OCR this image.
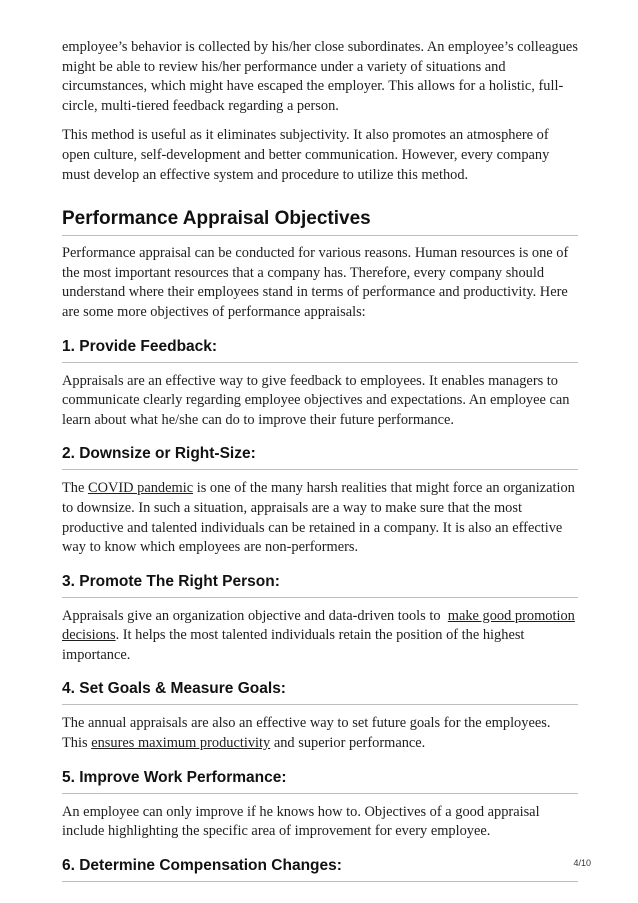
employee’s behavior is collected by his/her close subordinates. An employee’s colleagues might be able to review his/her performance under a variety of situations and circumstances, which might have escaped the employer. This allows for a holistic, full-circle, multi-tiered feedback regarding a person.

This method is useful as it eliminates subjectivity. It also promotes an atmosphere of open culture, self-development and better communication. However, every company must develop an effective system and procedure to utilize this method.

Performance Appraisal Objectives

Performance appraisal can be conducted for various reasons. Human resources is one of the most important resources that a company has. Therefore, every company should understand where their employees stand in terms of performance and productivity. Here are some more objectives of performance appraisals:

1. Provide Feedback:

Appraisals are an effective way to give feedback to employees. It enables managers to communicate clearly regarding employee objectives and expectations. An employee can learn about what he/she can do to improve their future performance.

2. Downsize or Right-Size:

The COVID pandemic is one of the many harsh realities that might force an organization to downsize. In such a situation, appraisals are a way to make sure that the most productive and talented individuals can be retained in a company. It is also an effective way to know which employees are non-performers.

3. Promote The Right Person:

Appraisals give an organization objective and data-driven tools to  make good promotion decisions. It helps the most talented individuals retain the position of the highest importance.

4. Set Goals & Measure Goals:

The annual appraisals are also an effective way to set future goals for the employees. This ensures maximum productivity and superior performance.

5. Improve Work Performance:

An employee can only improve if he knows how to. Objectives of a good appraisal include highlighting the specific area of improvement for every employee.

6. Determine Compensation Changes:	4/10
